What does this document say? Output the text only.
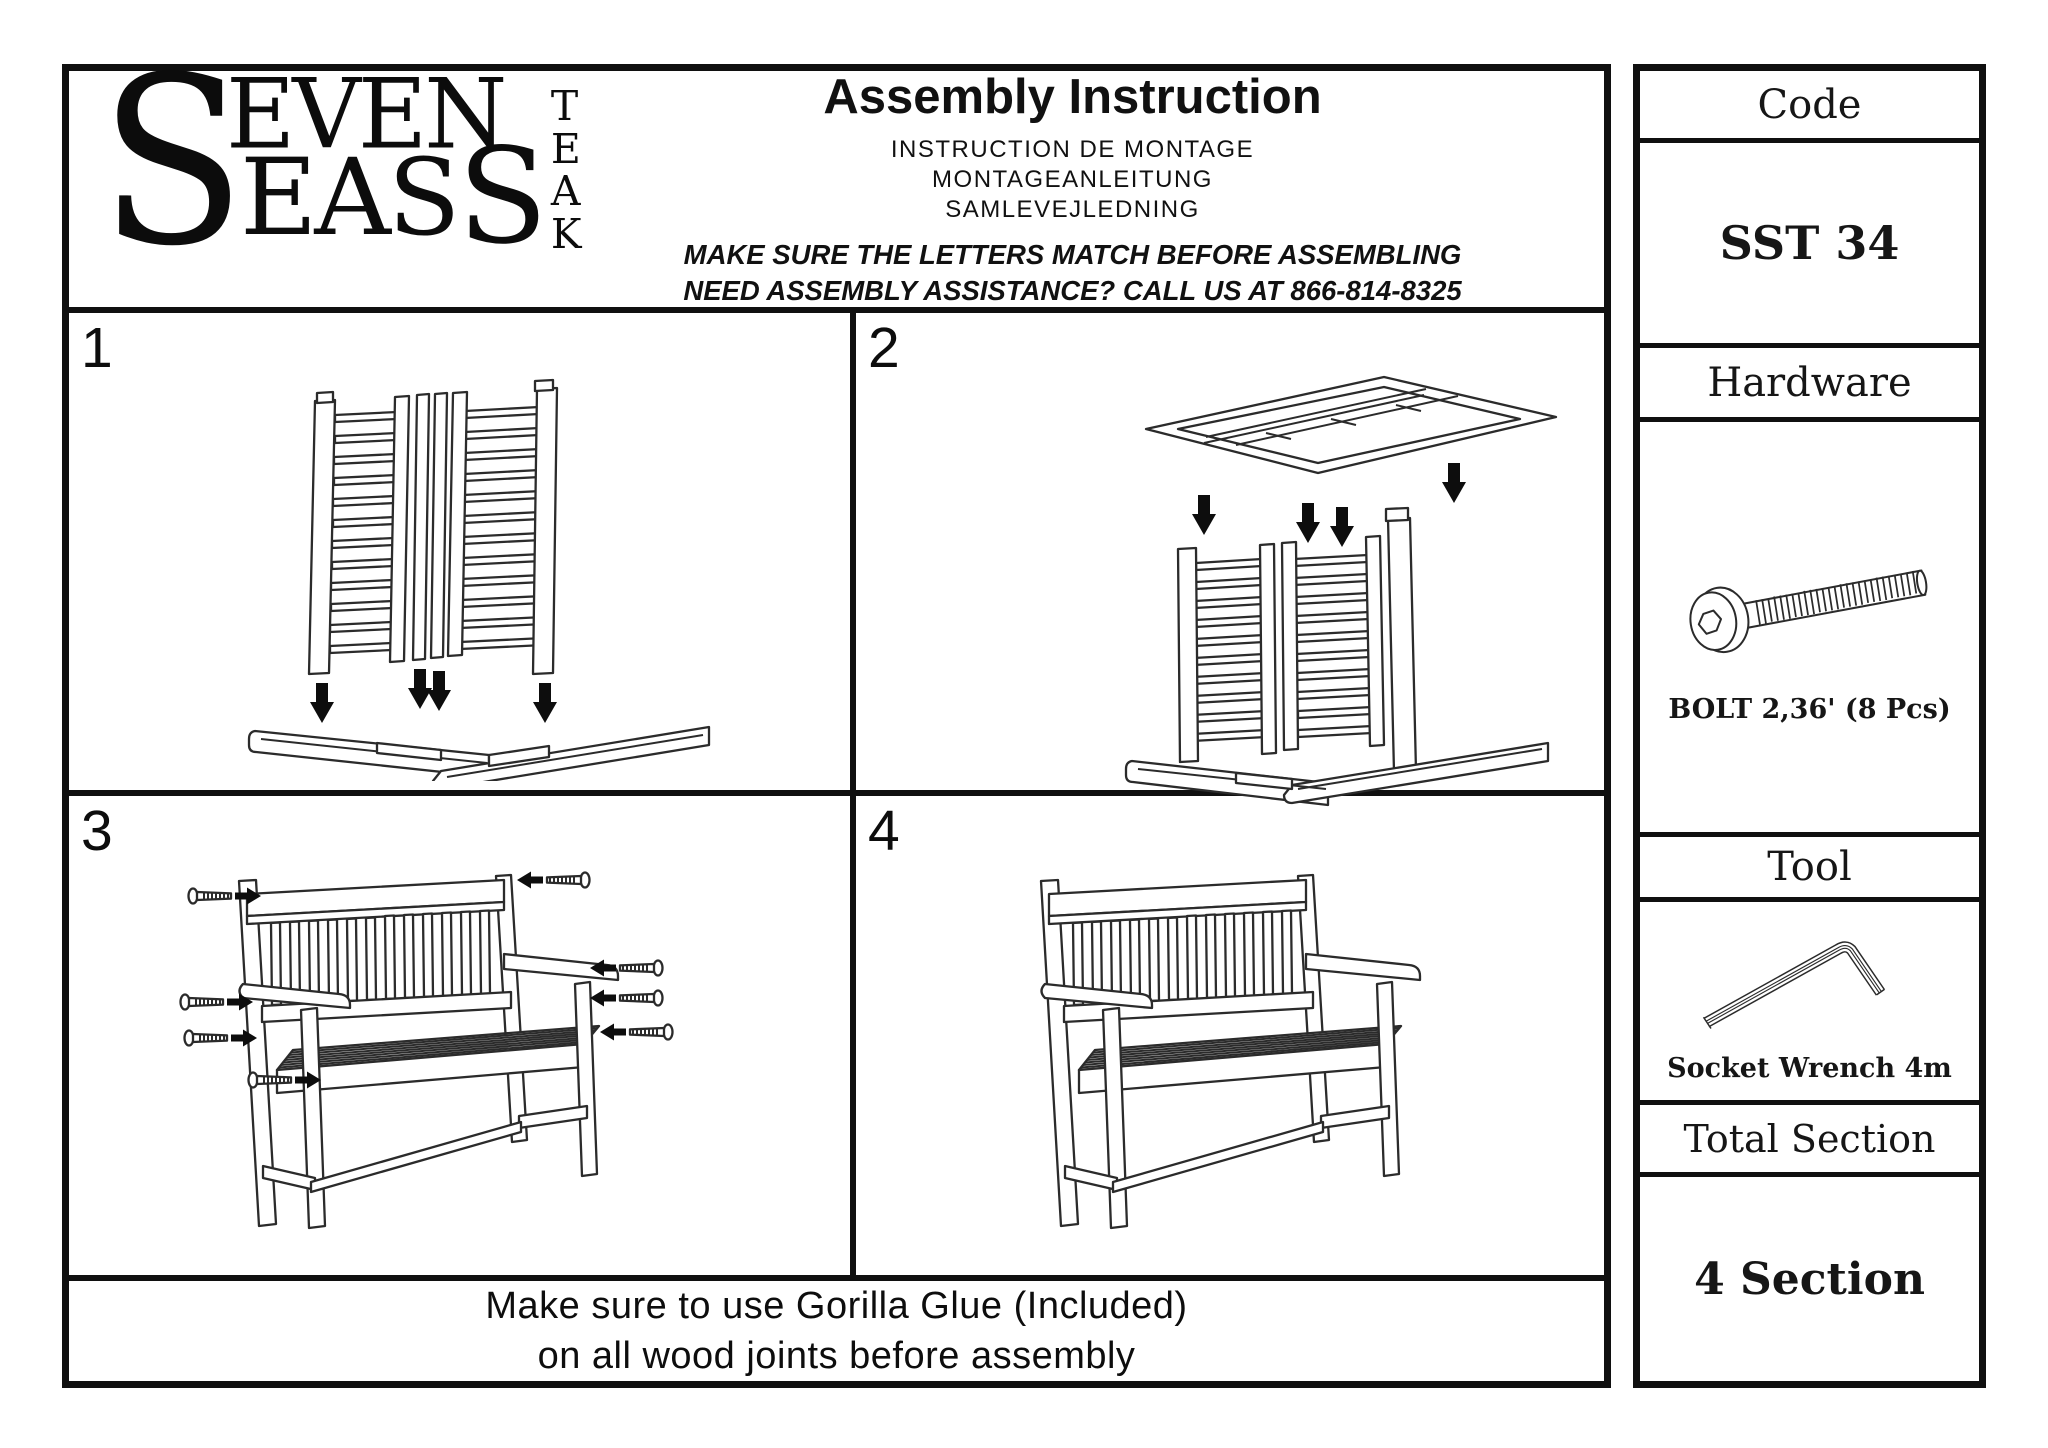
S
EVEN
EASS
T
E
A
K
Assembly Instruction
INSTRUCTION DE MONTAGE
MONTAGEANLEITUNG
SAMLEVEJLEDNING
MAKE SURE THE LETTERS MATCH BEFORE ASSEMBLING
NEED ASSEMBLY ASSISTANCE? CALL US AT 866-814-8325
1	2
3	4
Make sure to use Gorilla Glue (Included)
on all wood joints before assembly
Code
SST 34
Hardware
BOLT 2,36' (8 Pcs)
Tool
Socket Wrench 4m
Total Section
4 Section
